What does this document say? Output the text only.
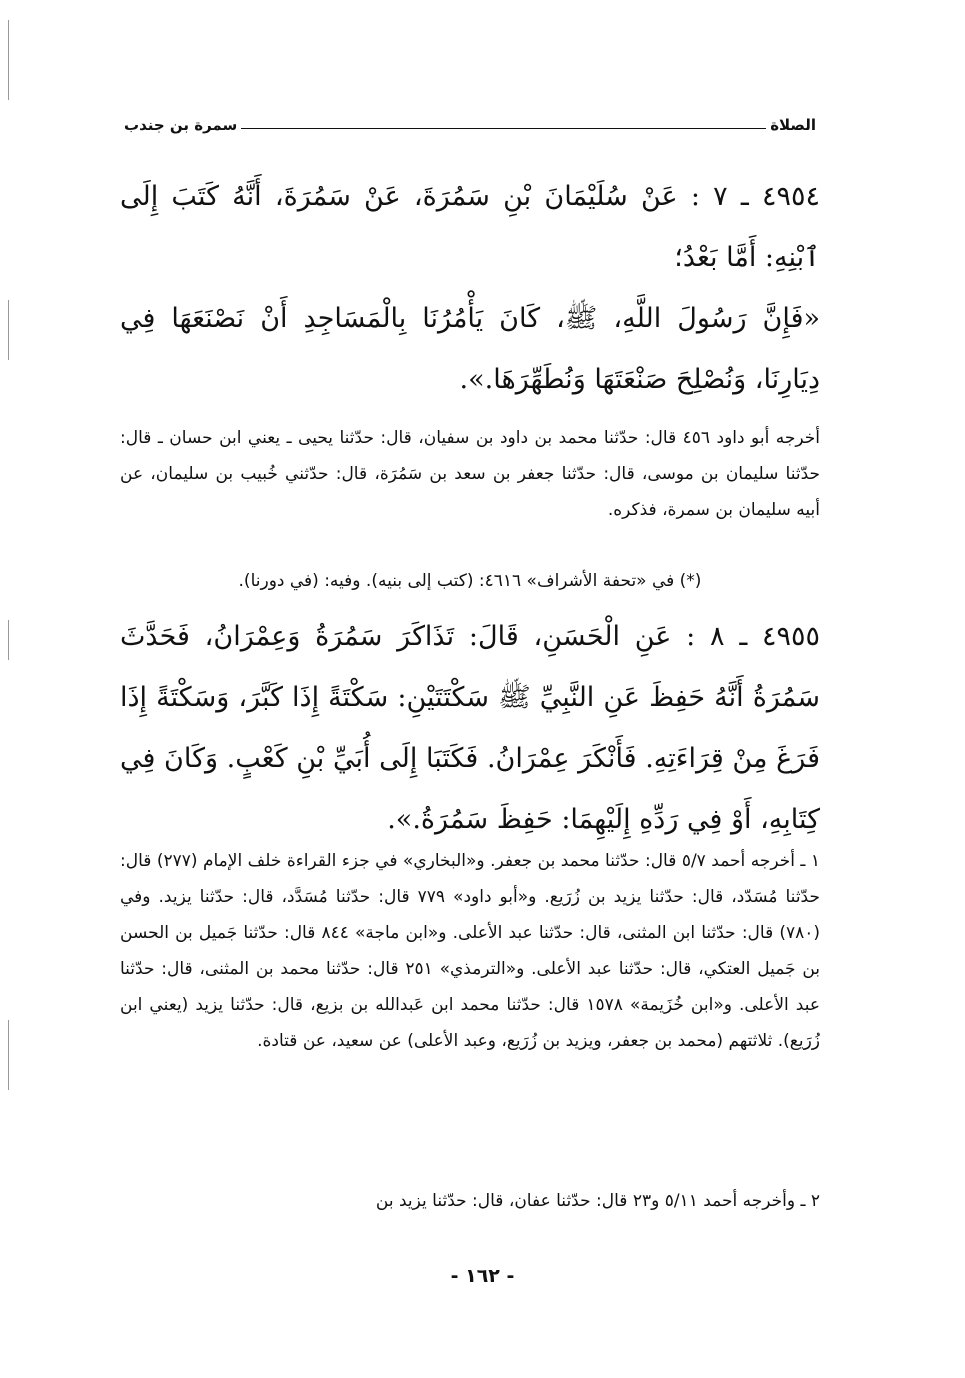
الصلاة
سمرة بن جندب
٤٩٥٤ ـ ٧ : عَنْ سُلَيْمَانَ بْنِ سَمُرَةَ، عَنْ سَمُرَةَ، أَنَّهُ كَتَبَ إِلَى ٱبْنِهِ: أَمَّا بَعْدُ؛
«فَإِنَّ رَسُولَ اللَّهِ، ﷺ، كَانَ يَأْمُرُنَا بِالْمَسَاجِدِ أَنْ نَصْنَعَهَا فِي دِيَارِنَا، وَنُصْلِحَ صَنْعَتَهَا وَنُطَهِّرَهَا.».
أخرجه أبو داود ٤٥٦ قال: حدّثنا محمد بن داود بن سفيان، قال: حدّثنا يحيى ـ يعني ابن حسان ـ قال: حدّثنا سليمان بن موسى، قال: حدّثنا جعفر بن سعد بن سَمُرَة، قال: حدّثني خُبيب بن سليمان، عن أبيه سليمان بن سمرة، فذكره.
(*) في «تحفة الأشراف» ٤٦١٦: (كتب إلى بنيه). وفيه: (في دورنا).
٤٩٥٥ ـ ٨ : عَنِ الْحَسَنِ، قَالَ: تَذَاكَرَ سَمُرَةُ وَعِمْرَانُ، فَحَدَّثَ سَمُرَةُ أَنَّهُ حَفِظَ عَنِ النَّبِيِّ ﷺ سَكْتَتَيْنِ: سَكْتَةً إِذَا كَبَّرَ، وَسَكْتَةً إِذَا فَرَغَ مِنْ قِرَاءَتِهِ. فَأَنْكَرَ عِمْرَانُ. فَكَتَبَا إِلَى أُبَيِّ بْنِ كَعْبٍ. وَكَانَ فِي كِتَابِهِ، أَوْ فِي رَدِّهِ إِلَيْهِمَا: حَفِظَ سَمُرَةُ.».
١ ـ أخرجه أحمد ٥/٧ قال: حدّثنا محمد بن جعفر. و«البخاري» في جزء القراءة خلف الإمام (٢٧٧) قال: حدّثنا مُسَدّد، قال: حدّثنا يزيد بن زُرَيع. و«أبو داود» ٧٧٩ قال: حدّثنا مُسَدَّد، قال: حدّثنا يزيد. وفي (٧٨٠) قال: حدّثنا ابن المثنى، قال: حدّثنا عبد الأعلى. و«ابن ماجة» ٨٤٤ قال: حدّثنا جَميل بن الحسن بن جَميل العتكي، قال: حدّثنا عبد الأعلى. و«الترمذي» ٢٥١ قال: حدّثنا محمد بن المثنى، قال: حدّثنا عبد الأعلى. و«ابن خُزَيمة» ١٥٧٨ قال: حدّثنا محمد ابن عَبدالله بن بزيع، قال: حدّثنا يزيد (يعني ابن زُرَيع). ثلاثتهم (محمد بن جعفر، ويزيد بن زُرَيع، وعبد الأعلى) عن سعيد، عن قتادة.
٢ ـ وأخرجه أحمد ٥/١١ و٢٣ قال: حدّثنا عفان، قال: حدّثنا يزيد بن
- ١٦٢ -
